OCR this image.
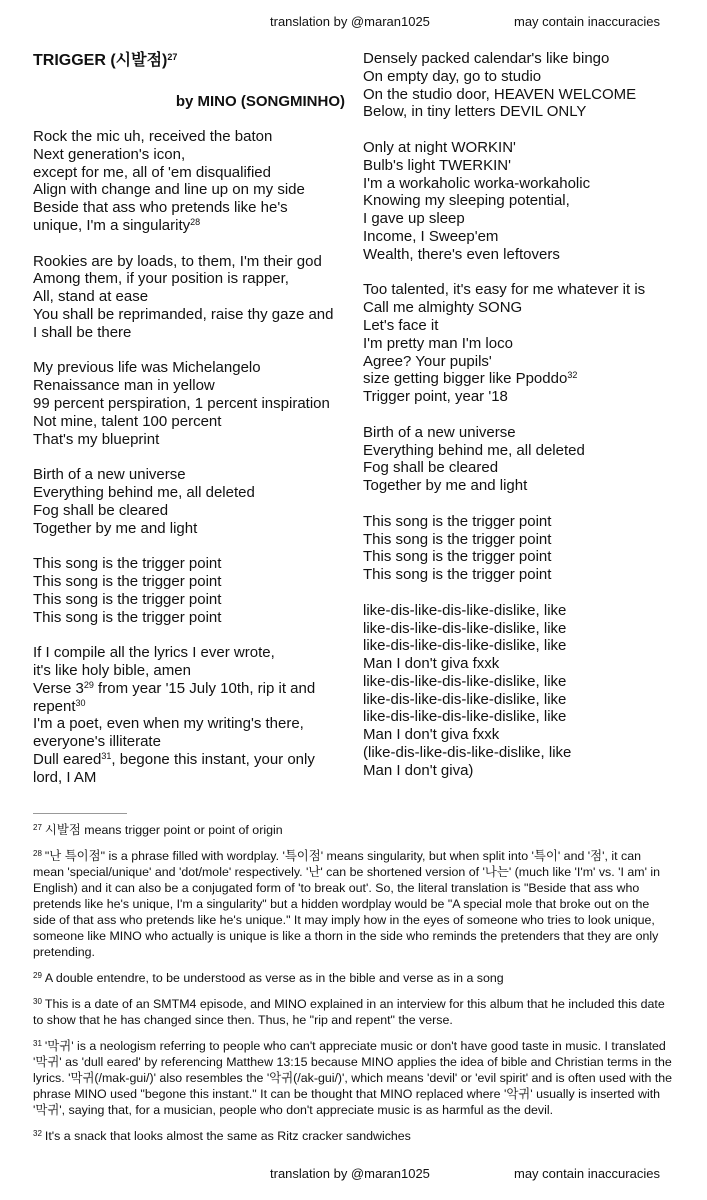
translation by @maran1025	may contain inaccuracies
TRIGGER (시발점)$^{27}$
by MINO (SONGMINHO)
Rock the mic uh, received the baton
Next generation's icon,
except for me, all of 'em disqualified
Align with change and line up on my side
Beside that ass who pretends like he's
unique, I'm a singularity$^{28}$
Rookies are by loads, to them, I'm their god
Among them, if your position is rapper,
All, stand at ease
You shall be reprimanded, raise thy gaze and
I shall be there
My previous life was Michelangelo
Renaissance man in yellow
99 percent perspiration, 1 percent inspiration
Not mine, talent 100 percent
That's my blueprint
Birth of a new universe
Everything behind me, all deleted
Fog shall be cleared
Together by me and light
This song is the trigger point
This song is the trigger point
This song is the trigger point
This song is the trigger point
If I compile all the lyrics I ever wrote,
it's like holy bible, amen
Verse $3^{29}$ from year '15 July 10th, rip it and
repent$^{30}$
I'm a poet, even when my writing's there,
everyone's illiterate
Dull eared$^{31}$, begone this instant, your only
lord, I AM
Densely packed calendar's like bingo
On empty day, go to studio
On the studio door, HEAVEN WELCOME
Below, in tiny letters DEVIL ONLY
Only at night WORKIN'
Bulb's light TWERKIN'
I'm a workaholic worka-workaholic
Knowing my sleeping potential,
I gave up sleep
Income, I Sweep'em
Wealth, there's even leftovers
Too talented, it's easy for me whatever it is
Call me almighty SONG
Let's face it
I'm pretty man I'm loco
Agree? Your pupils'
size getting bigger like Ppoddo$^{32}$
Trigger point, year '18
Birth of a new universe
Everything behind me, all deleted
Fog shall be cleared
Together by me and light
This song is the trigger point
This song is the trigger point
This song is the trigger point
This song is the trigger point
like-dis-like-dis-like-dislike, like
like-dis-like-dis-like-dislike, like
like-dis-like-dis-like-dislike, like
Man I don't giva fxxk
like-dis-like-dis-like-dislike, like
like-dis-like-dis-like-dislike, like
like-dis-like-dis-like-dislike, like
Man I don't giva fxxk
(like-dis-like-dis-like-dislike, like
Man I don't giva)
$^{27}$ 시발점 means trigger point or point of origin
$^{28}$ "난 특이점" is a phrase filled with wordplay. '특이점' means singularity, but when split into '특이' and '점', it can mean 'special/unique' and 'dot/mole' respectively. '난' can be shortened version of '나는' (much like 'I'm' vs. 'I am' in English) and it can also be a conjugated form of 'to break out'. So, the literal translation is "Beside that ass who pretends like he's unique, I'm a singularity" but a hidden wordplay would be "A special mole that broke out on the side of that ass who pretends like he's unique." It may imply how in the eyes of someone who tries to look unique, someone like MINO who actually is unique is like a thorn in the side who reminds the pretenders that they are only pretending.
$^{29}$ A double entendre, to be understood as verse as in the bible and verse as in a song
$^{30}$ This is a date of an SMTM4 episode, and MINO explained in an interview for this album that he included this date to show that he has changed since then. Thus, he "rip and repent" the verse.
$^{31}$ '막귀' is a neologism referring to people who can't appreciate music or don't have good taste in music. I translated '막귀' as 'dull eared' by referencing Matthew 13:15 because MINO applies the idea of bible and Christian terms in the lyrics. '막귀(/mak-gui/)' also resembles the '악귀(/ak-gui/)', which means 'devil' or 'evil spirit' and is often used with the phrase MINO used "begone this instant." It can be thought that MINO replaced where '악귀' usually is inserted with '막귀', saying that, for a musician, people who don't appreciate music is as harmful as the devil.
$^{32}$ It's a snack that looks almost the same as Ritz cracker sandwiches
translation by @maran1025	may contain inaccuracies
